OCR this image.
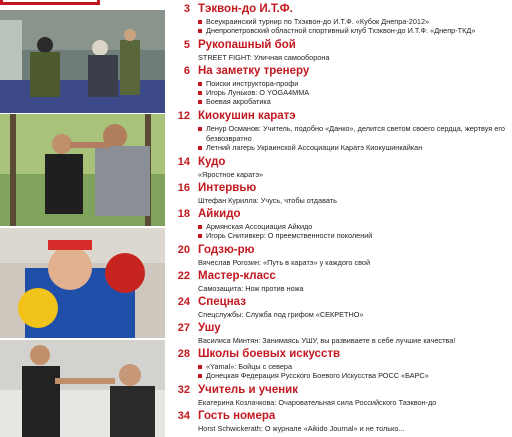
3 Тэквон-до И.Т.Ф.
Всеукраинский турнир по Тхэквон-до И.Т.Ф. «Кубок Днепра-2012»
Днепропетровский областной спортивный клуб Тхэквон-до И.Т.Ф. «Днепр-ТКД»
5 Рукопашный бой
STREET FIGHT: Уличная самооборона
6 На заметку тренеру
Поиски инструктора-профи
Игорь Луньков: О YOGA4MMA
Боевая акробатика
12 Киокушин каратэ
Ленур Османов: Учитель, подобно «Данко», делится светом своего сердца, жертвуя его безвозвратно
Летний лагерь Украинской Ассоциации Каратэ Киокушинкайкан
14 Кудо
«Яростное каратэ»
16 Интервью
Штефан Курилла: Учусь, чтобы отдавать
18 Айкидо
Армянская Ассоциация Айкидо
Игорь Снитивкер: О преемственности поколений
20 Годзю-рю
Вячеслав Рогозин: «Путь в каратэ» у каждого свой
22 Мастер-класс
Самозащита: Нож против ножа
24 Спецназ
Спецслужбы: Служба под грифом «СЕКРЕТНО»
27 Ушу
Василиса Минтян: Занимаясь УШУ, вы развиваете в себе лучшие качества!
28 Школы боевых искусств
«Yamal»: Бойцы с севера
Донецкая Федерация Русского Боевого Искусства РОСС «БАРС»
32 Учитель и ученик
Екатерина Козлачкова: Очаровательная сила Российского Таэквон-до
34 Гость номера
Horst Schwickerath: О журнале «Aikido Journal» и не только...
